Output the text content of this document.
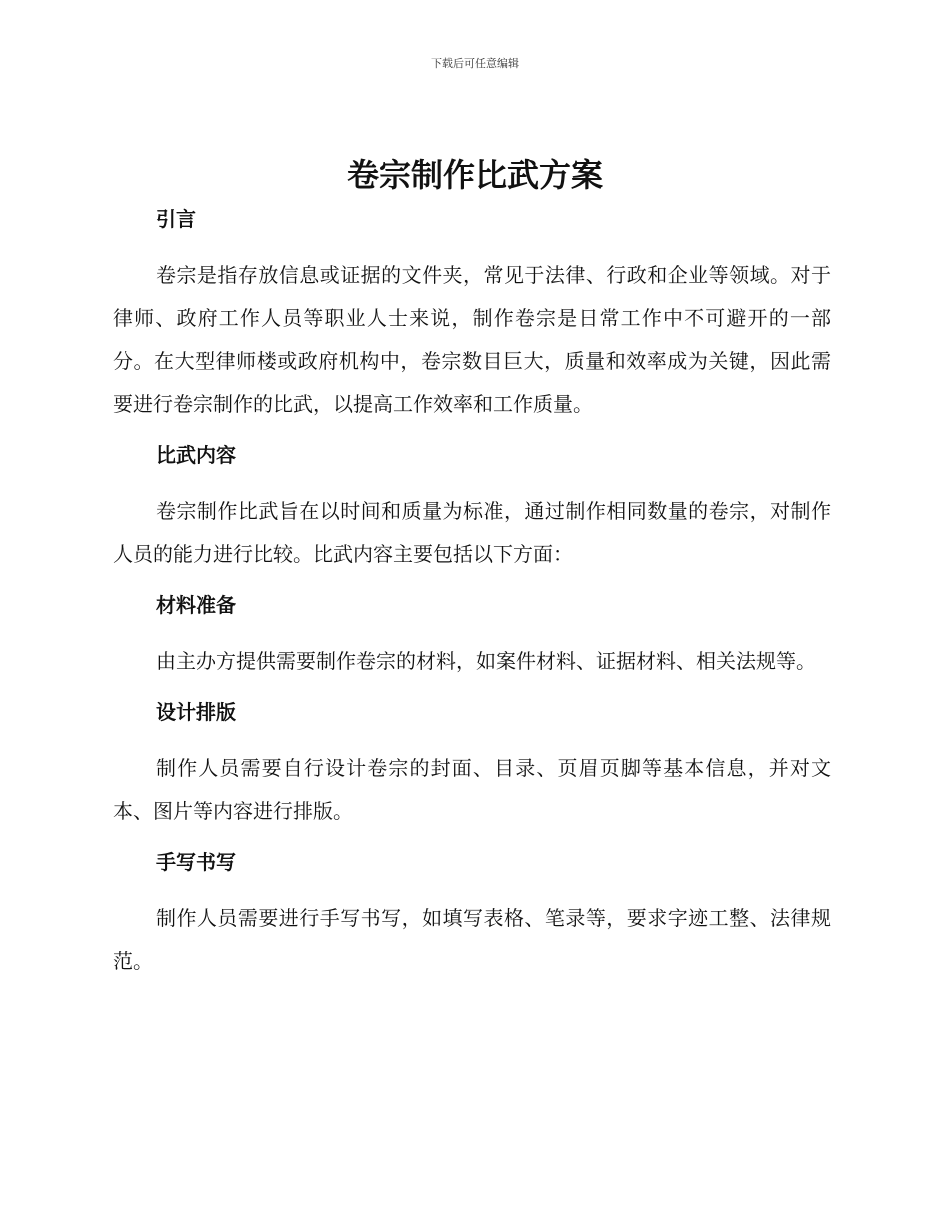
下载后可任意编辑
卷宗制作比武方案
引言

卷宗是指存放信息或证据的文件夹，常见于法律、行政和企业等领域。对于律师、政府工作人员等职业人士来说，制作卷宗是日常工作中不可避开的一部分。在大型律师楼或政府机构中，卷宗数目巨大，质量和效率成为关键，因此需要进行卷宗制作的比武，以提高工作效率和工作质量。

比武内容

卷宗制作比武旨在以时间和质量为标准，通过制作相同数量的卷宗，对制作人员的能力进行比较。比武内容主要包括以下方面：

材料准备

由主办方提供需要制作卷宗的材料，如案件材料、证据材料、相关法规等。

设计排版

制作人员需要自行设计卷宗的封面、目录、页眉页脚等基本信息，并对文本、图片等内容进行排版。

手写书写

制作人员需要进行手写书写，如填写表格、笔录等，要求字迹工整、法律规范。
